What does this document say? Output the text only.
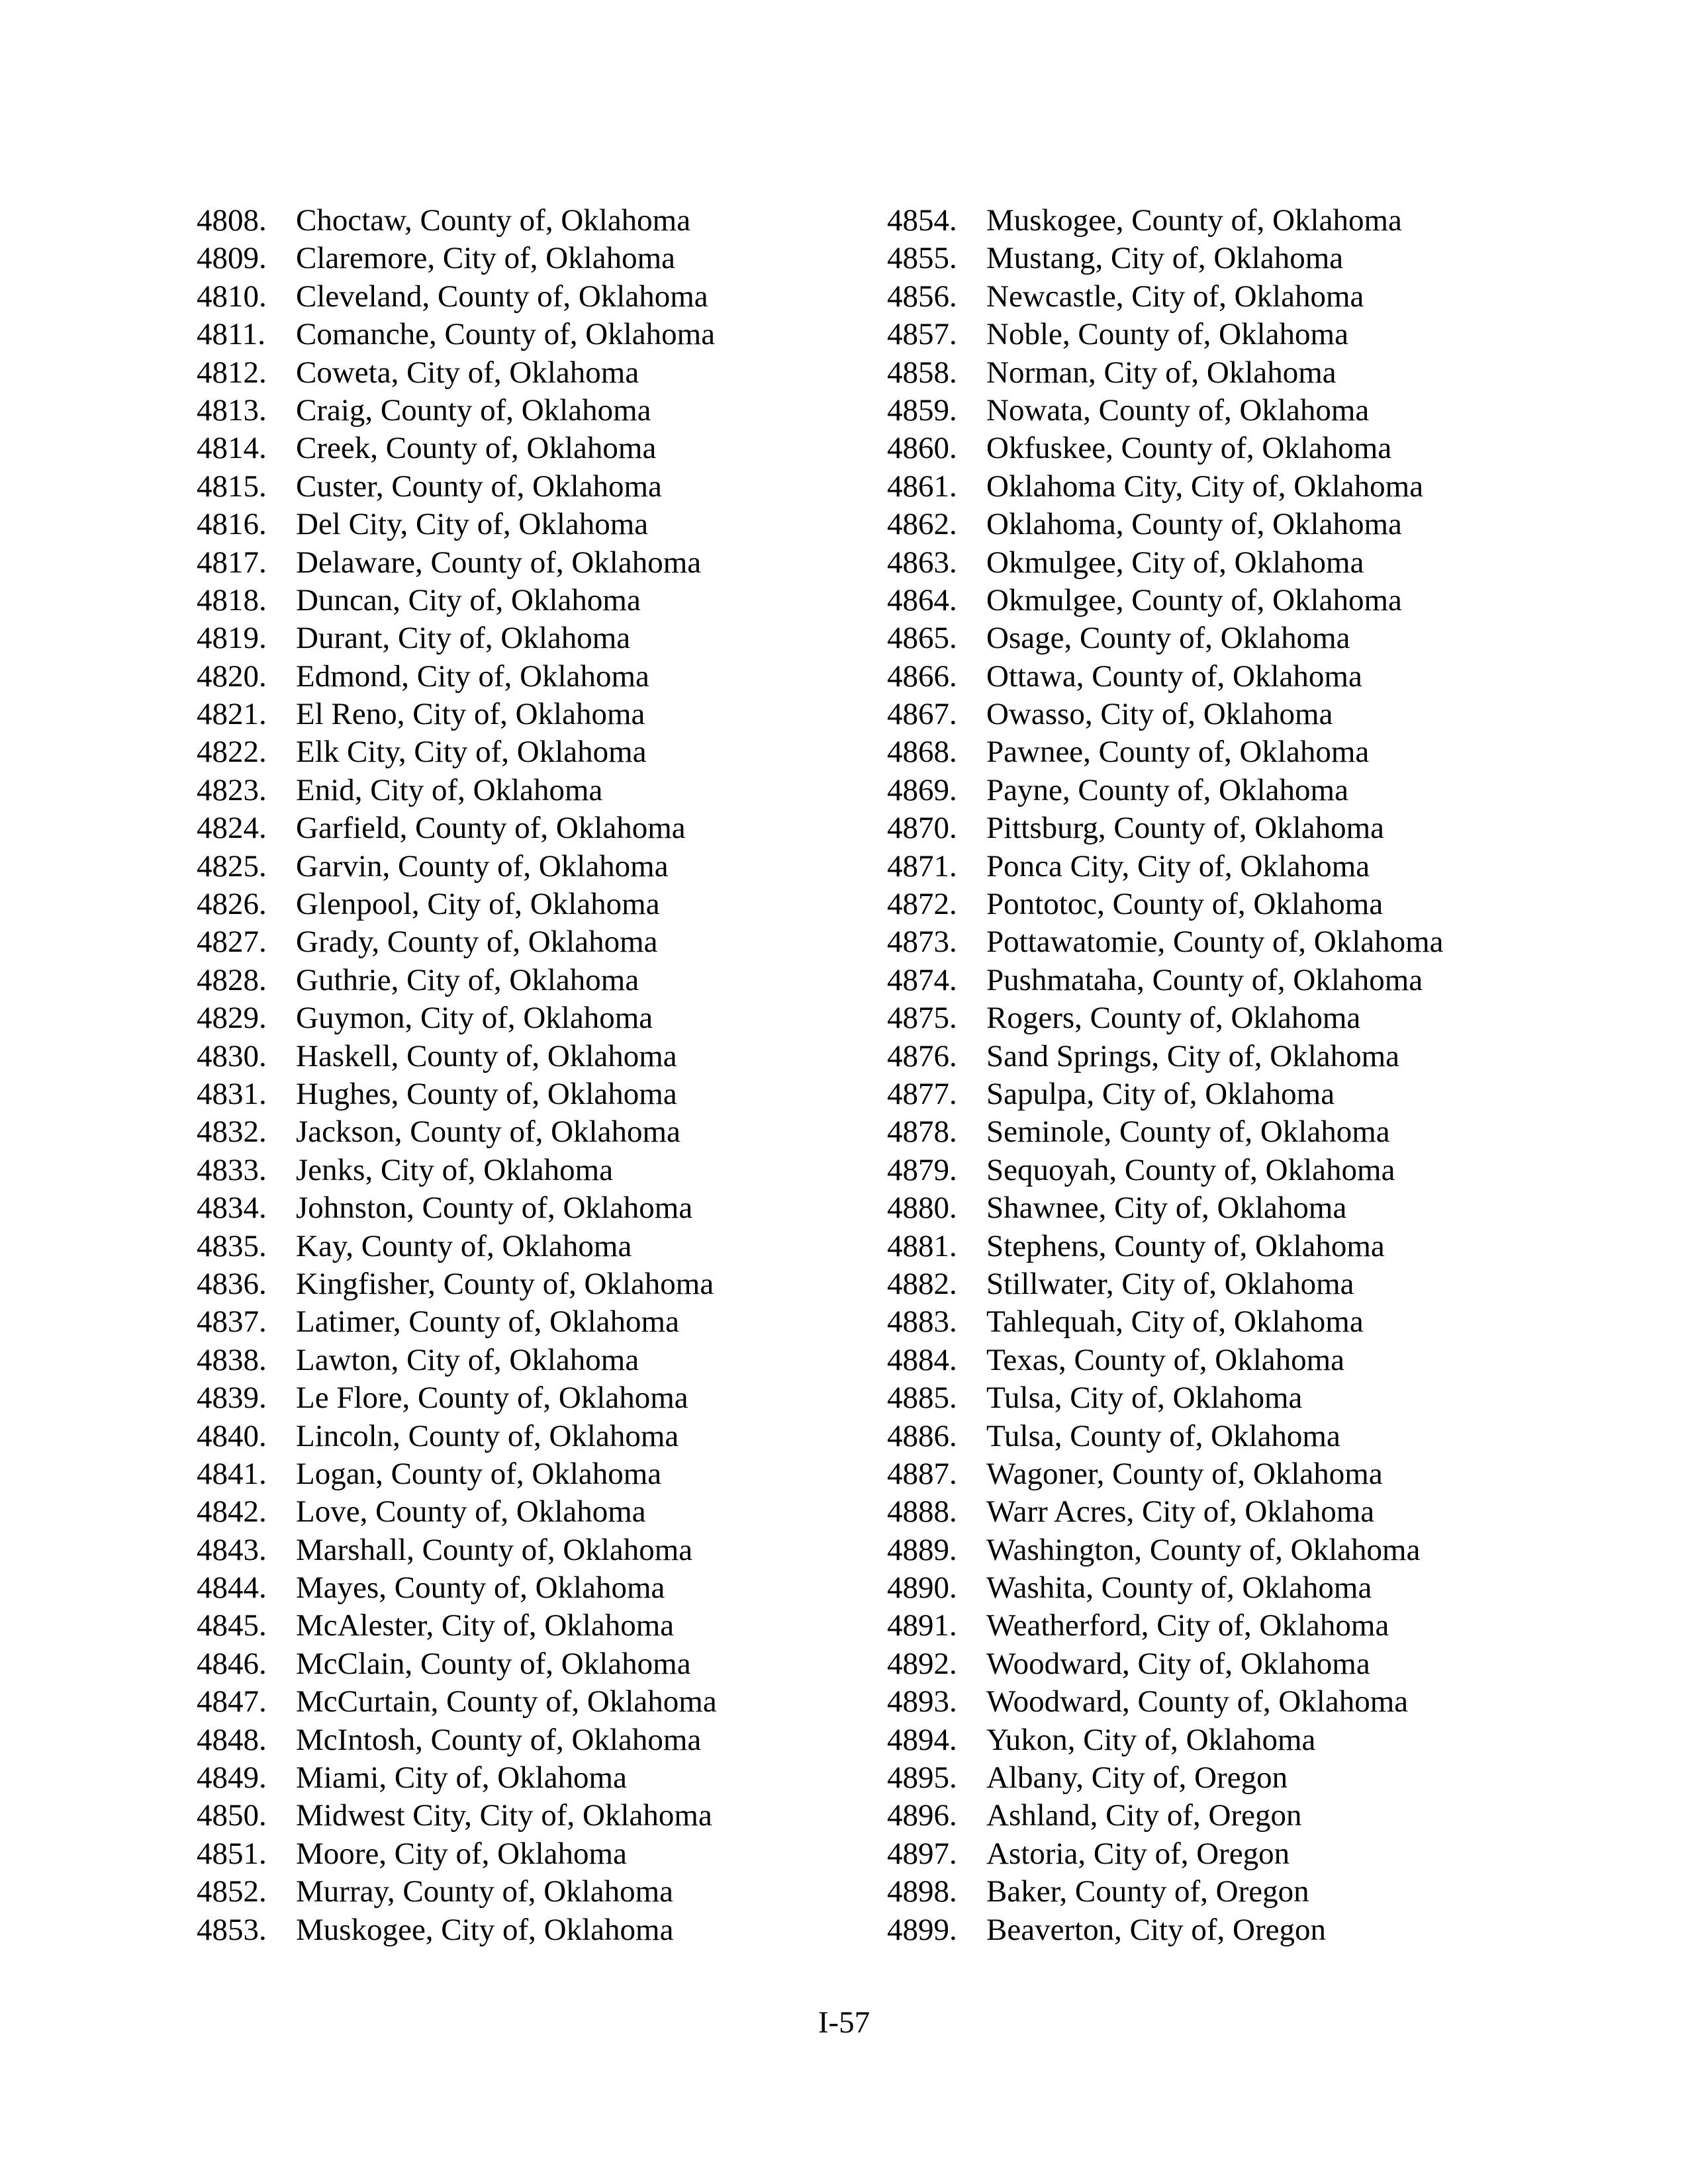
4808. Choctaw, County of, Oklahoma
4809. Claremore, City of, Oklahoma
4810. Cleveland, County of, Oklahoma
4811. Comanche, County of, Oklahoma
4812. Coweta, City of, Oklahoma
4813. Craig, County of, Oklahoma
4814. Creek, County of, Oklahoma
4815. Custer, County of, Oklahoma
4816. Del City, City of, Oklahoma
4817. Delaware, County of, Oklahoma
4818. Duncan, City of, Oklahoma
4819. Durant, City of, Oklahoma
4820. Edmond, City of, Oklahoma
4821. El Reno, City of, Oklahoma
4822. Elk City, City of, Oklahoma
4823. Enid, City of, Oklahoma
4824. Garfield, County of, Oklahoma
4825. Garvin, County of, Oklahoma
4826. Glenpool, City of, Oklahoma
4827. Grady, County of, Oklahoma
4828. Guthrie, City of, Oklahoma
4829. Guymon, City of, Oklahoma
4830. Haskell, County of, Oklahoma
4831. Hughes, County of, Oklahoma
4832. Jackson, County of, Oklahoma
4833. Jenks, City of, Oklahoma
4834. Johnston, County of, Oklahoma
4835. Kay, County of, Oklahoma
4836. Kingfisher, County of, Oklahoma
4837. Latimer, County of, Oklahoma
4838. Lawton, City of, Oklahoma
4839. Le Flore, County of, Oklahoma
4840. Lincoln, County of, Oklahoma
4841. Logan, County of, Oklahoma
4842. Love, County of, Oklahoma
4843. Marshall, County of, Oklahoma
4844. Mayes, County of, Oklahoma
4845. McAlester, City of, Oklahoma
4846. McClain, County of, Oklahoma
4847. McCurtain, County of, Oklahoma
4848. McIntosh, County of, Oklahoma
4849. Miami, City of, Oklahoma
4850. Midwest City, City of, Oklahoma
4851. Moore, City of, Oklahoma
4852. Murray, County of, Oklahoma
4853. Muskogee, City of, Oklahoma
4854. Muskogee, County of, Oklahoma
4855. Mustang, City of, Oklahoma
4856. Newcastle, City of, Oklahoma
4857. Noble, County of, Oklahoma
4858. Norman, City of, Oklahoma
4859. Nowata, County of, Oklahoma
4860. Okfuskee, County of, Oklahoma
4861. Oklahoma City, City of, Oklahoma
4862. Oklahoma, County of, Oklahoma
4863. Okmulgee, City of, Oklahoma
4864. Okmulgee, County of, Oklahoma
4865. Osage, County of, Oklahoma
4866. Ottawa, County of, Oklahoma
4867. Owasso, City of, Oklahoma
4868. Pawnee, County of, Oklahoma
4869. Payne, County of, Oklahoma
4870. Pittsburg, County of, Oklahoma
4871. Ponca City, City of, Oklahoma
4872. Pontotoc, County of, Oklahoma
4873. Pottawatomie, County of, Oklahoma
4874. Pushmataha, County of, Oklahoma
4875. Rogers, County of, Oklahoma
4876. Sand Springs, City of, Oklahoma
4877. Sapulpa, City of, Oklahoma
4878. Seminole, County of, Oklahoma
4879. Sequoyah, County of, Oklahoma
4880. Shawnee, City of, Oklahoma
4881. Stephens, County of, Oklahoma
4882. Stillwater, City of, Oklahoma
4883. Tahlequah, City of, Oklahoma
4884. Texas, County of, Oklahoma
4885. Tulsa, City of, Oklahoma
4886. Tulsa, County of, Oklahoma
4887. Wagoner, County of, Oklahoma
4888. Warr Acres, City of, Oklahoma
4889. Washington, County of, Oklahoma
4890. Washita, County of, Oklahoma
4891. Weatherford, City of, Oklahoma
4892. Woodward, City of, Oklahoma
4893. Woodward, County of, Oklahoma
4894. Yukon, City of, Oklahoma
4895. Albany, City of, Oregon
4896. Ashland, City of, Oregon
4897. Astoria, City of, Oregon
4898. Baker, County of, Oregon
4899. Beaverton, City of, Oregon
I-57
